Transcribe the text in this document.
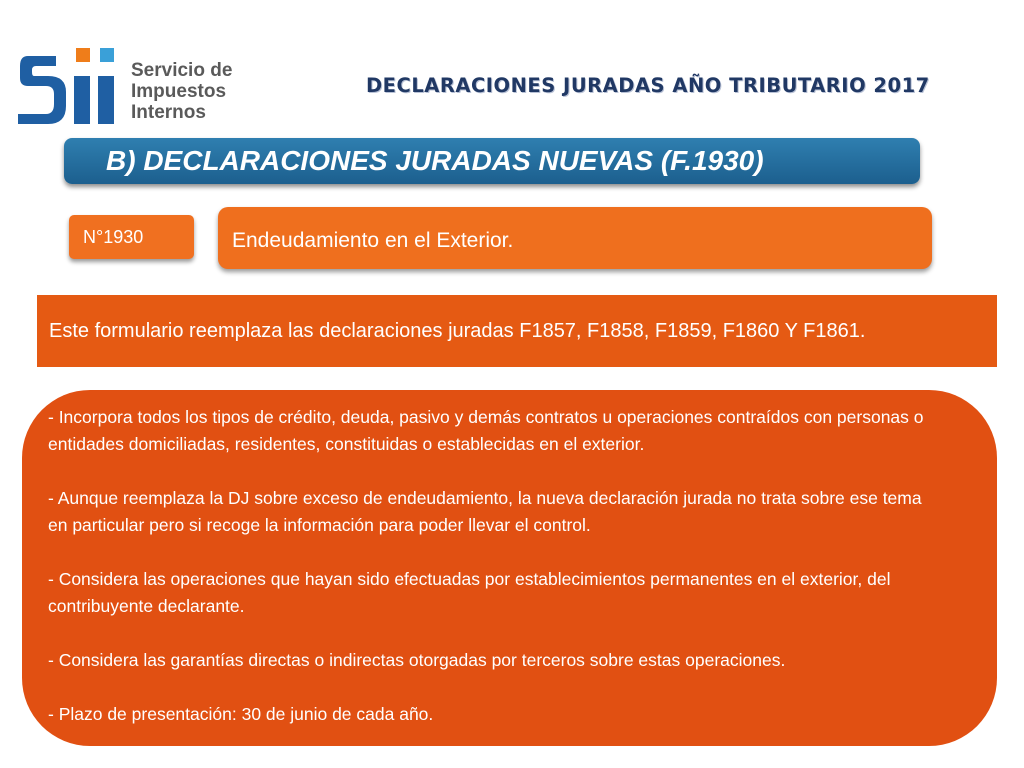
Servicio de
Impuestos
Internos
DECLARACIONES JURADAS AÑO TRIBUTARIO 2017
B) DECLARACIONES JURADAS NUEVAS (F.1930)
N°1930	Endeudamiento en el Exterior.
Este formulario reemplaza las declaraciones juradas F1857, F1858, F1859, F1860 Y F1861.

- Incorpora todos los tipos de crédito, deuda, pasivo y demás contratos u operaciones contraídos con personas o entidades domiciliadas, residentes, constituidas o establecidas en el exterior.

- Aunque reemplaza la DJ sobre exceso de endeudamiento, la nueva declaración jurada no trata sobre ese tema en particular pero si recoge la información para poder llevar el control.

- Considera las operaciones que hayan sido efectuadas por establecimientos permanentes en el exterior, del contribuyente declarante.

- Considera las garantías directas o indirectas otorgadas por terceros sobre estas operaciones.

- Plazo de presentación: 30 de junio de cada año.
